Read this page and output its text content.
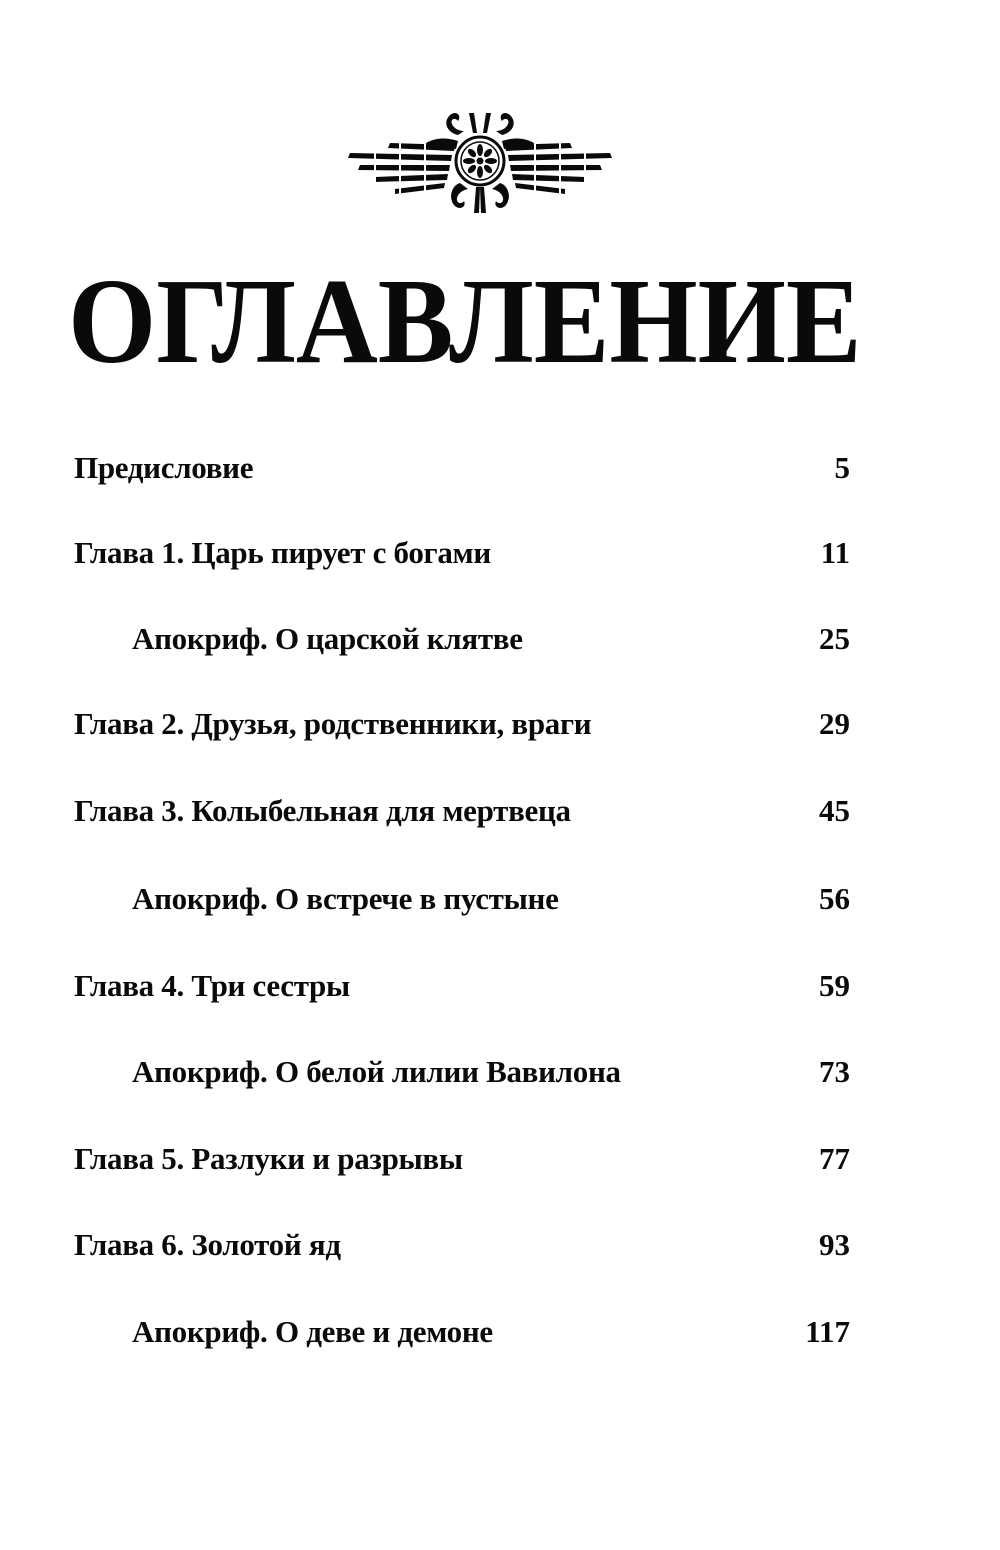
ОГЛАВЛЕНИЕ
Предисловие	5
Глава 1. Царь пирует с богами	11
Апокриф. О царской клятве	25
Глава 2. Друзья, родственники, враги	29
Глава 3. Колыбельная для мертвеца	45
Апокриф. О встрече в пустыне	56
Глава 4. Три сестры	59
Апокриф. О белой лилии Вавилона	73
Глава 5. Разлуки и разрывы	77
Глава 6. Золотой яд	93
Апокриф. О деве и демоне	117
